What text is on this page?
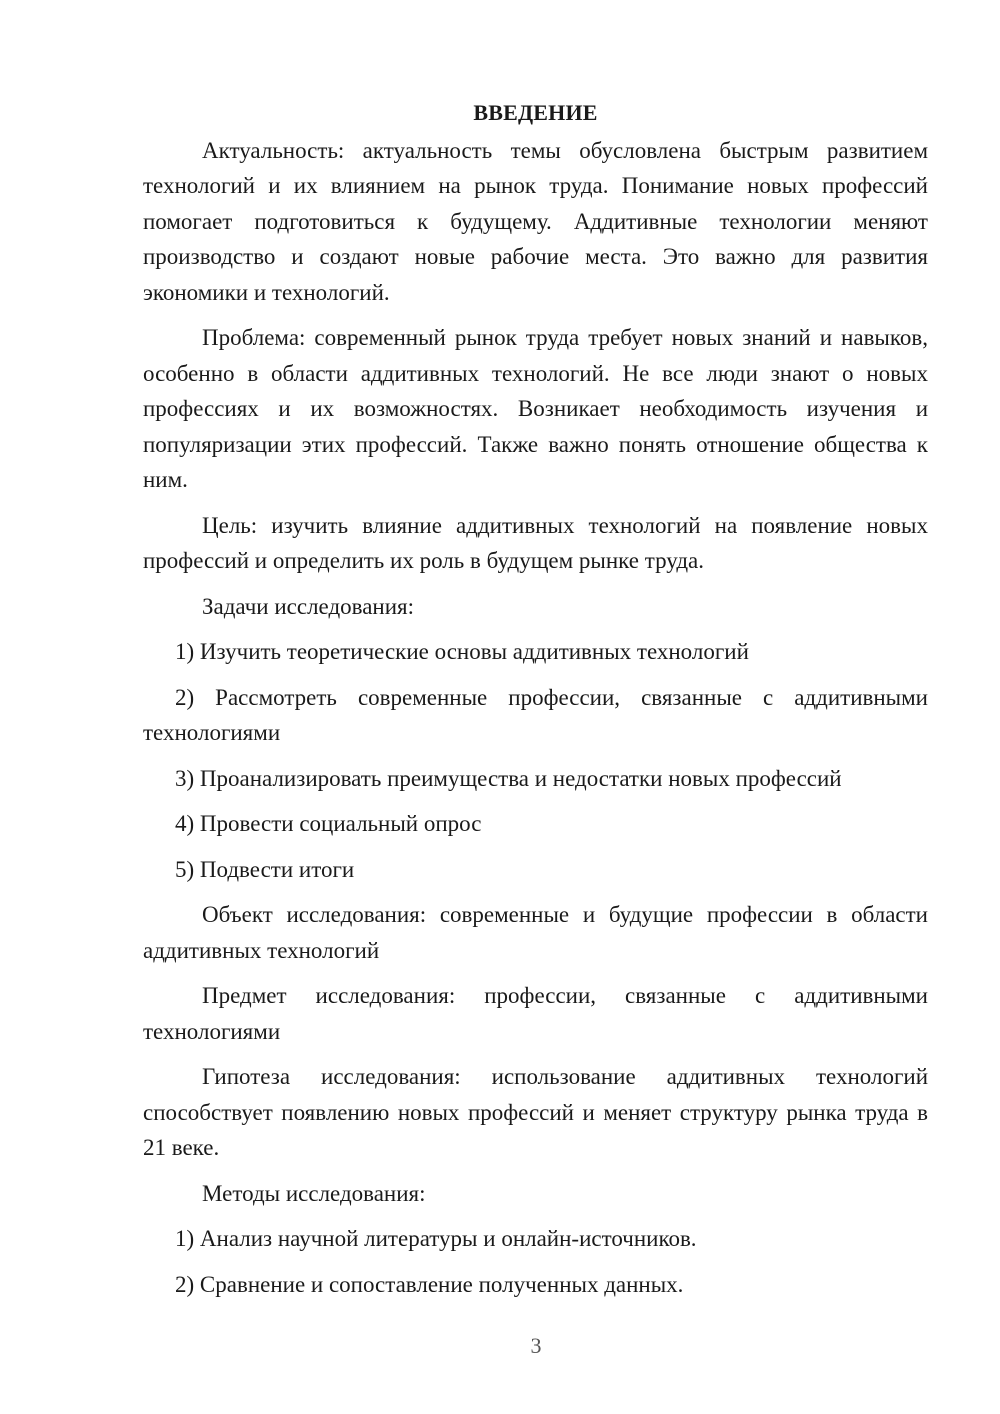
ВВЕДЕНИЕ

Актуальность: актуальность темы обусловлена быстрым развитием технологий и их влиянием на рынок труда. Понимание новых профессий помогает подготовиться к будущему. Аддитивные технологии меняют производство и создают новые рабочие места. Это важно для развития экономики и технологий.

Проблема: современный рынок труда требует новых знаний и навыков, особенно в области аддитивных технологий. Не все люди знают о новых профессиях и их возможностях. Возникает необходимость изучения и популяризации этих профессий. Также важно понять отношение общества к ним.

Цель: изучить влияние аддитивных технологий на появление новых профессий и определить их роль в будущем рынке труда.

Задачи исследования:

1) Изучить теоретические основы аддитивных технологий

2) Рассмотреть современные профессии, связанные с аддитивными технологиями

3) Проанализировать преимущества и недостатки новых профессий

4) Провести социальный опрос

5) Подвести итоги

Объект исследования: современные и будущие профессии в области аддитивных технологий

Предмет исследования: профессии, связанные с аддитивными технологиями

Гипотеза исследования: использование аддитивных технологий способствует появлению новых профессий и меняет структуру рынка труда в 21 веке.

Методы исследования:

1) Анализ научной литературы и онлайн-источников.

2) Сравнение и сопоставление полученных данных.

3
